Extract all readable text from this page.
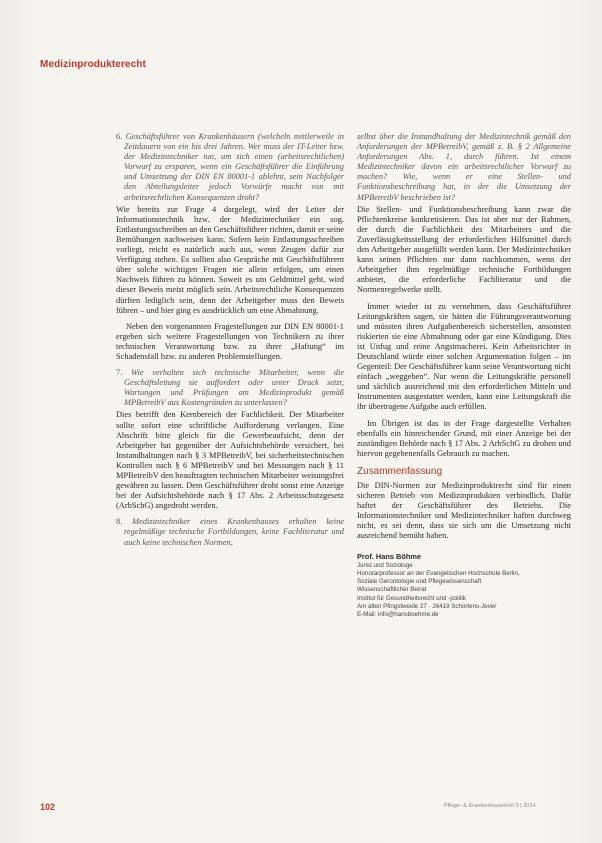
Medizinprodukterecht
6. Geschäftsführer von Krankenhäusern (welcheln mittlerweile in Zeitdauern von ein bis drei Jahren. Wer muss der IT-Leiter bzw. der Medizintechniker tun, um sich einen (arbeitsrechtlichen) Vorwurf zu ersparen, wenn ein Geschäftsführer die Einführung und Umsetzung der DIN EN 80001-1 ablehnt, sein Nachfolger den Abteilungsleiter jedoch Vorwürfe macht von mit arbeitsrechtlichen Konsequenzen droht?
Wie bereits zur Frage 4 dargelegt, wird der Leiter der Informationstechnik bzw. der Medizintechniker ein sog. Entlastungsschreiben an den Geschäftsführer richten, damit er seine Bemühungen nachweisen kann. Sofern kein Entlastungsschreiben vorliegt, reicht es natürlich auch aus, wenn Zeugen dafür zur Verfügung stehen. Es sollten also Gespräche mit Geschäftsführern über solche wichtigen Fragen nie allein erfolgen, um einen Nachweis führen zu können. Soweit es um Geldmittel geht, wird dieser Beweis meist möglich sein. Arbeitsrechtliche Konsequenzen dürften lediglich sein, denn der Arbeitgeber muss den Beweis führen – und hier ging es ausdrücklich um eine Abmahnung.
Neben den vorgenannten Fragestellungen zur DIN EN 80001-1 ergeben sich weitere Fragestellungen von Technikern zu ihrer technischen Verantwortung bzw. zu ihrer „Haftung“ im Schadensfall bzw. zu anderen Problemstellungen.
7. Wie verhalten sich technische Mitarbeiter, wenn die Geschäftsleitung sie auffordert oder unter Druck setzt, Wartungen und Prüfungen am Medizinprodukt gemäß MPBetreibV aus Kostengründen zu unterlassen?
Dies betrifft den Kernbereich der Fachlichkeit. Der Mitarbeiter sollte sofort eine schriftliche Aufforderung verlangen. Eine Abschrift bitte gleich für die Gewerbeaufsicht, denn der Arbeitgeber hat gegenüber der Aufsichtsbehörde versichert, bei Instandhaltungen nach § 3 MPBetreibV, bei sicherheitstechnischen Kontrollen nach § 6 MPBetreibV und bei Messungen nach § 11 MPBetreibV den beauftragten technischen Mitarbeiter weisungsfrei gewähren zu lassen. Dem Geschäftsführer droht sonst eine Anzeige bei der Aufsichtsbehörde nach § 17 Abs. 2 Arbeitsschutzgesetz (ArbSchG) angedroht werden.
8. Medizintechniker eines Krankenhauses erhalten keine regelmäßige technische Fortbildungen, keine Fachliteratur und auch keine technischen Normen,
selbst über die Instandhaltung der Medizintechnik gemäß den Anforderungen der MPBetreibV, gemäß z. B. § 2 Allgemeine Anforderungen Abs. 1, durch führen. Ist einem Medizintechniker davon ein arbeitsrechtlicher Vorwurf zu machen? Wie, wenn er eine Stellen- und Funktionsbeschreibung hat, in der die Umsetzung der MPBetreibV beschrieben ist?
Die Stellen- und Funktionsbeschreibung kann zwar die Pflichtenkreise konkretisieren. Das ist aber nur der Rahmen, der durch die Fachlichkeit des Mitarbeiters und die Zuverlässigkeitsstellung der erforderlichen Hilfsmittel durch den Arbeitgeber ausgefüllt werden kann. Der Medizintechniker kann seinen Pflichten nur dann nachkommen, wenn der Arbeitgeber ihm regelmäßige technische Fortbildungen anbietet, die erforderliche Fachliteratur und die Normenregelwerke stellt.
Immer wieder ist zu vernehmen, dass Geschäftsführer Leitungskräften sagen, sie hätten die Führungsverantwortung und müssten ihren Aufgabenbereich sicherstellen, ansonsten riskierten sie eine Abmahnung oder gar eine Kündigung. Dies ist Unfug und reine Angstmacherei. Kein Arbeitsrichter in Deutschland würde einer solchen Argumentation folgen – im Gegenteil: Der Geschäftsführer kann seine Verantwortung nicht einfach „weggeben“. Nur wenn die Leitungskräfte personell und sächlich ausreichend mit den erforderlichen Mitteln und Instrumenten ausgestattet werden, kann eine Leitungskraft die ihr übertragene Aufgabe auch erfüllen.
Im Übrigen ist das in der Frage dargestellte Verhalten ebenfalls ein hinreichender Grund, mit einer Anzeige bei der zuständigen Behörde nach § 17 Abs. 2 ArbSchG zu drohen und hiervon gegebenenfalls Gebrauch zu machen.
Zusammenfassung
Die DIN-Normen zur Medizinproduktrecht sind für einen sicheren Betrieb von Medizinprodukten verbindlich. Dafür haftet der Geschäftsführer des Betriebs. Die Informationstechniker und Medizintechniker haften durchweg nicht, es sei denn, dass sie sich um die Umsetzung nicht ausreichend bemüht haben.
Prof. Hans Böhme
Jurist und Soziologe
Honorarprofessor an der Evangelischen Hochschule Berlin,
Soziale Gerontologie und Pflegewissenschaft
Wissenschaftlicher Beirat
Institut für Gesundheitsrecht und -politik
Am alten Pfingstweide 27 · 26419 Schortens-Jever
E-Mail: info@hansboehme.de
102	Pflege- & Krankenhausrecht 3 | 2014
